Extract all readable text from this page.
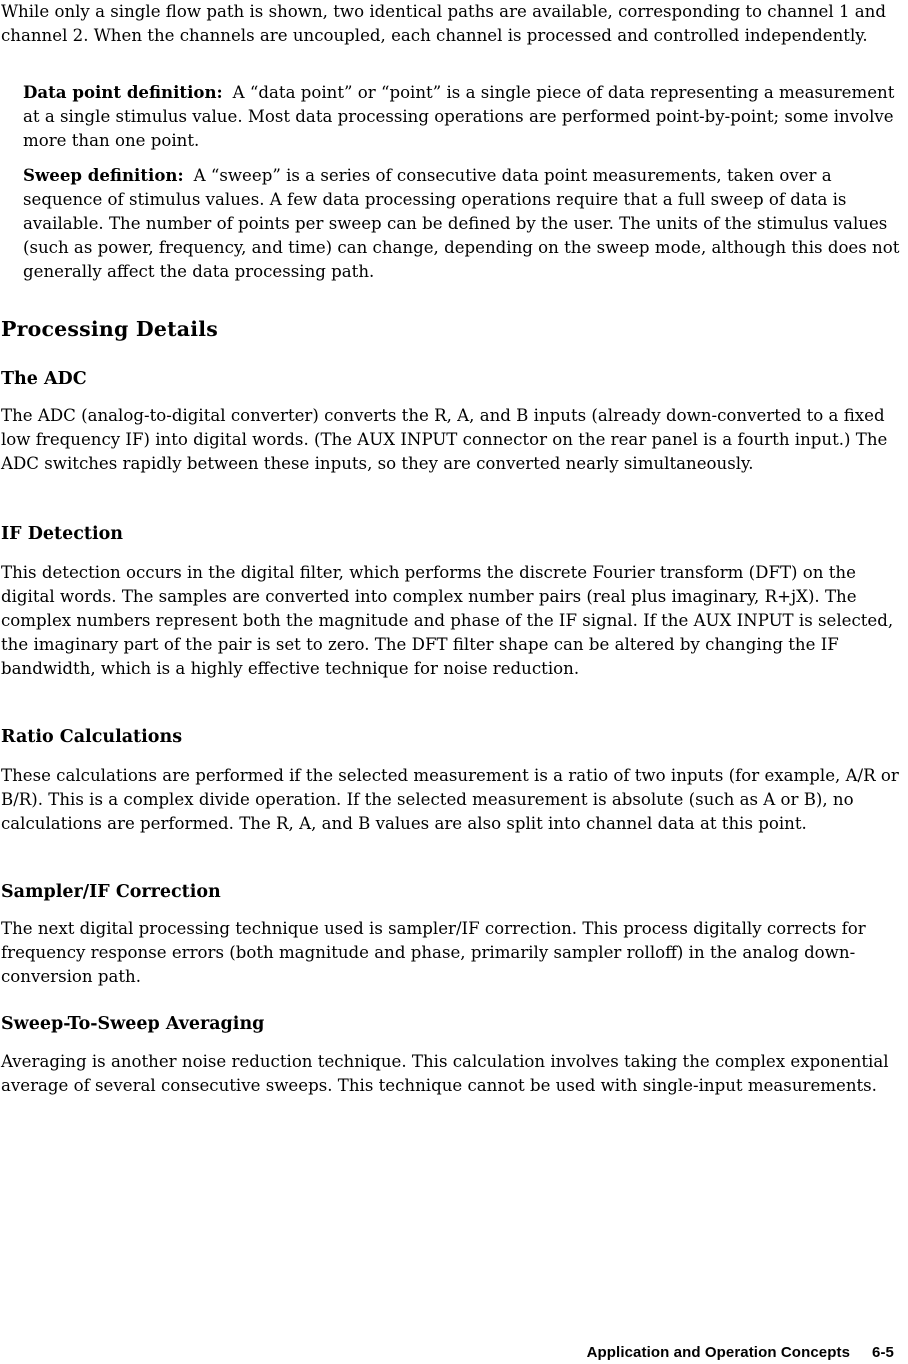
While only a single flow path is shown, two identical paths are available, corresponding to channel 1 and channel 2. When the channels are uncoupled, each channel is processed and controlled independently.

Data point definition: A “data point” or “point” is a single piece of data representing a measurement at a single stimulus value. Most data processing operations are performed point-by-point; some involve more than one point.

Sweep definition: A “sweep” is a series of consecutive data point measurements, taken over a sequence of stimulus values. A few data processing operations require that a full sweep of data is available. The number of points per sweep can be defined by the user. The units of the stimulus values (such as power, frequency, and time) can change, depending on the sweep mode, although this does not generally affect the data processing path.

Processing Details
The ADC

The ADC (analog-to-digital converter) converts the R, A, and B inputs (already down-converted to a fixed low frequency IF) into digital words. (The AUX INPUT connector on the rear panel is a fourth input.) The ADC switches rapidly between these inputs, so they are converted nearly simultaneously.

IF Detection

This detection occurs in the digital filter, which performs the discrete Fourier transform (DFT) on the digital words. The samples are converted into complex number pairs (real plus imaginary, R+jX). The complex numbers represent both the magnitude and phase of the IF signal. If the AUX INPUT is selected, the imaginary part of the pair is set to zero. The DFT filter shape can be altered by changing the IF bandwidth, which is a highly effective technique for noise reduction.

Ratio Calculations

These calculations are performed if the selected measurement is a ratio of two inputs (for example, A/R or B/R). This is a complex divide operation. If the selected measurement is absolute (such as A or B), no calculations are performed. The R, A, and B values are also split into channel data at this point.

Sampler/IF Correction

The next digital processing technique used is sampler/IF correction. This process digitally corrects for frequency response errors (both magnitude and phase, primarily sampler rolloff) in the analog down-conversion path.

Sweep-To-Sweep Averaging

Averaging is another noise reduction technique. This calculation involves taking the complex exponential average of several consecutive sweeps. This technique cannot be used with single-input measurements.

Application and Operation Concepts 6-5
